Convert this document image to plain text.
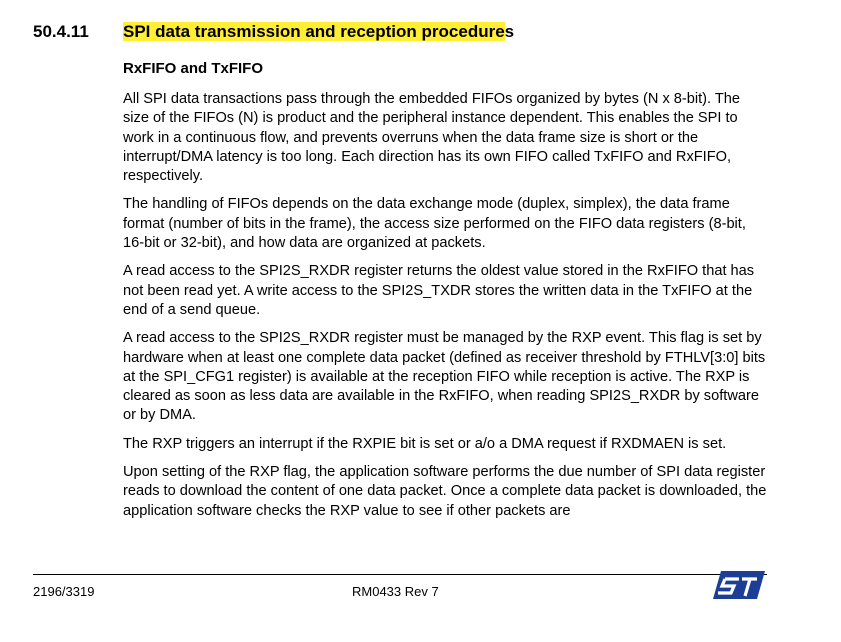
50.4.11 SPI data transmission and reception procedures
RxFIFO and TxFIFO

All SPI data transactions pass through the embedded FIFOs organized by bytes (N x 8-bit). The size of the FIFOs (N) is product and the peripheral instance dependent. This enables the SPI to work in a continuous flow, and prevents overruns when the data frame size is short or the interrupt/DMA latency is too long. Each direction has its own FIFO called TxFIFO and RxFIFO, respectively.

The handling of FIFOs depends on the data exchange mode (duplex, simplex), the data frame format (number of bits in the frame), the access size performed on the FIFO data registers (8-bit, 16-bit or 32-bit), and how data are organized at packets.

A read access to the SPI2S_RXDR register returns the oldest value stored in the RxFIFO that has not been read yet. A write access to the SPI2S_TXDR stores the written data in the TxFIFO at the end of a send queue.

A read access to the SPI2S_RXDR register must be managed by the RXP event. This flag is set by hardware when at least one complete data packet (defined as receiver threshold by FTHLV[3:0] bits at the SPI_CFG1 register) is available at the reception FIFO while reception is active. The RXP is cleared as soon as less data are available in the RxFIFO, when reading SPI2S_RXDR by software or by DMA.

The RXP triggers an interrupt if the RXPIE bit is set or a/o a DMA request if RXDMAEN is set.

Upon setting of the RXP flag, the application software performs the due number of SPI data register reads to download the content of one data packet. Once a complete data packet is downloaded, the application software checks the RXP value to see if other packets are

2196/3319	RM0433 Rev 7
